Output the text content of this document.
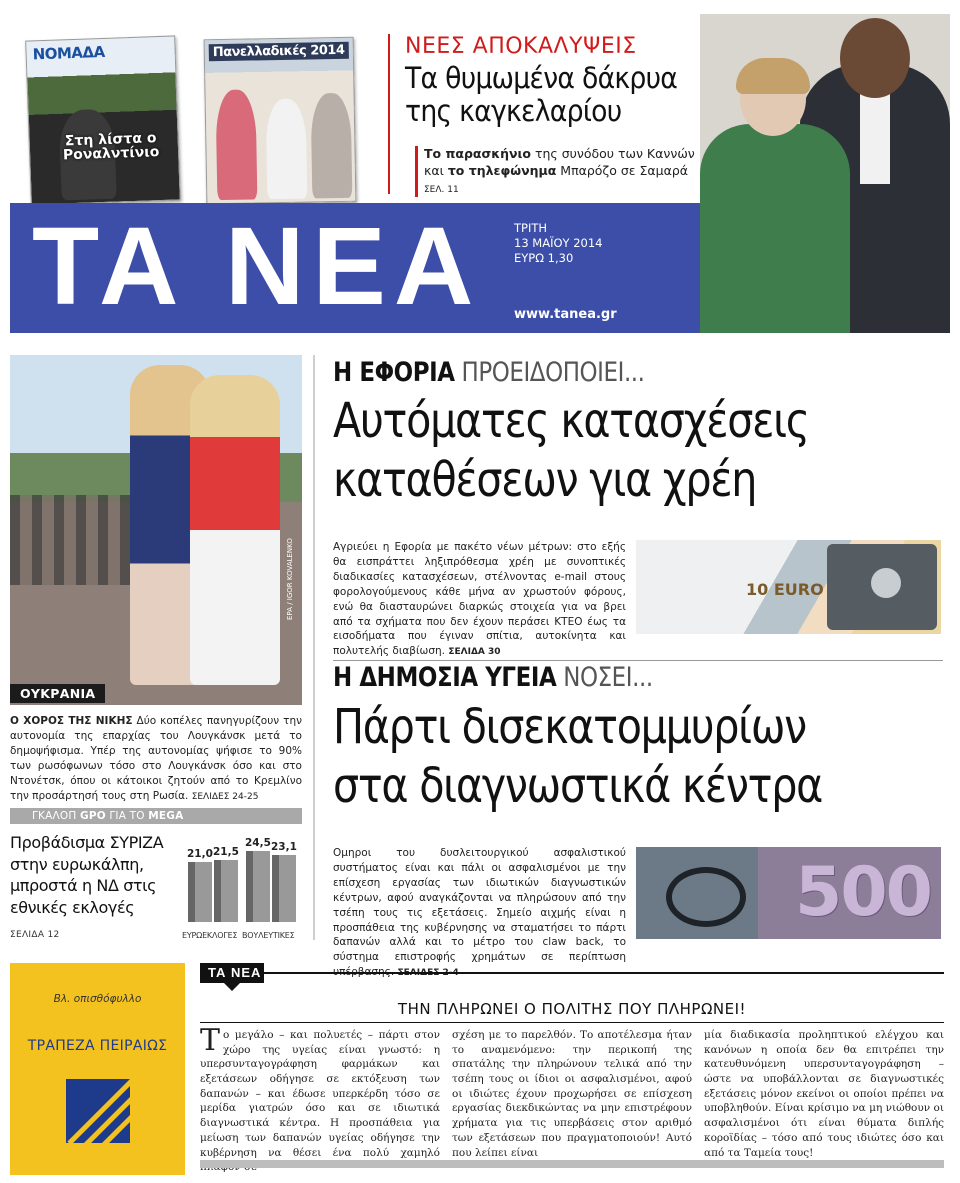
ΝΟΜΑΔΑ
Στη λίστα ο Ροναλντίνιο
Πανελλαδικές 2014	ΝΕΕΣ ΑΠΟΚΑΛΥΨΕΙΣ
Τα θυμωμένα δάκρυα της καγκελαρίου
Το παρασκήνιο της συνόδου των Καννών και το τηλεφώνημα Μπαρόζο σε Σαμαρά ΣΕΛ. 11
ΤΑ ΝΕΑ	ΤΡΙΤΗ
13 ΜΑΪΟΥ 2014
ΕΥΡΩ 1,30
www.tanea.gr
EPA / IGOR KOVALENKO
ΟΥΚΡΑΝΙΑ
Ο ΧΟΡΟΣ ΤΗΣ ΝΙΚΗΣ Δύο κοπέλες πανηγυρίζουν την αυτονομία της επαρχίας του Λουγκάνσκ μετά το δημοψήφισμα. Υπέρ της αυτονομίας ψήφισε το 90% των ρωσόφωνων τόσο στο Λουγκάνσκ όσο και στο Ντονέτσκ, όπου οι κάτοικοι ζητούν από το Κρεμλίνο την προσάρτησή τους στη Ρωσία. ΣΕΛΙΔΕΣ 24-25
ΓΚΑΛΟΠ GPO ΓΙΑ ΤΟ MEGA
Προβάδισμα ΣΥΡΙΖΑ στην ευρωκάλπη, μπροστά η ΝΔ στις εθνικές εκλογές
ΣΕΛΙΔΑ 12
21,0 21,5
24,5 23,1
ΕΥΡΩΕΚΛΟΓΕΣ ΒΟΥΛΕΥΤΙΚΕΣ
Η ΕΦΟΡΙΑ ΠΡΟΕΙΔΟΠΟΙΕΙ...
Αυτόματες κατασχέσεις
καταθέσεων για χρέη
Αγριεύει η Εφορία με πακέτο νέων μέτρων: στο εξής θα εισπράττει ληξιπρόθεσμα χρέη με συνοπτικές διαδικασίες κατασχέσεων, στέλνοντας e-mail στους φορολογούμενους κάθε μήνα αν χρωστούν φόρους, ενώ θα διασταυρώνει διαρκώς στοιχεία για να βρει από τα σχήματα που δεν έχουν περάσει ΚΤΕΟ έως τα εισοδήματα που έγιναν σπίτια, αυτοκίνητα και πολυτελής διαβίωση. ΣΕΛΙΔΑ 30
10 EURO
Η ΔΗΜΟΣΙΑ ΥΓΕΙΑ ΝΟΣΕΙ...
Πάρτι δισεκατομμυρίων
στα διαγνωστικά κέντρα
Ομηροι του δυσλειτουργικού ασφαλιστικού συστήματος είναι και πάλι οι ασφαλισμένοι με την επίσχεση εργασίας των ιδιωτικών διαγνωστικών κέντρων, αφού αναγκάζονται να πληρώσουν από την τσέπη τους τις εξετάσεις. Σημείο αιχμής είναι η προσπάθεια της κυβέρνησης να σταματήσει το πάρτι δαπανών αλλά και το μέτρο του claw back, το σύστημα επιστροφής χρημάτων σε περίπτωση
500
Βλ. οπισθόφυλλο
ΤΡΑΠΕΖΑ ΠΕΙΡΑΙΩΣ
ΤΑ ΝΕΑ
ΤΗΝ ΠΛΗΡΩΝΕΙ Ο ΠΟΛΙΤΗΣ ΠΟΥ ΠΛΗΡΩΝΕΙ!
Το μεγάλο – και πολυετές – πάρτι στον χώρο της υγείας είναι γνωστό: η υπερσυνταγογράφηση φαρμάκων και εξετάσεων οδήγησε σε εκτόξευση των δαπανών – και έδωσε υπερκέρδη τόσο σε μερίδα γιατρών όσο και σε ιδιωτικά διαγνωστικά κέντρα. Η προσπάθεια για μείωση των δαπανών υγείας οδήγησε την κυβέρνηση να θέσει ένα πολύ χαμηλό
σχέση με το παρελθόν. Το αποτέλεσμα ήταν το αναμενόμενο: την περικοπή της σπατάλης την πληρώνουν τελικά από την τσέπη τους οι ίδιοι οι ασφαλισμένοι, αφού οι ιδιώτες έχουν προχωρήσει σε επίσχεση εργασίας διεκδικώντας να μην επιστρέφουν χρήματα για τις υπερβάσεις στον αριθμό των εξετάσεων που πραγματοποιούν! Αυτό που λείπει είναι
μία διαδικασία προληπτικού ελέγχου και κανόνων η οποία δεν θα επιτρέπει την κατευθυνόμενη υπερσυνταγογράφηση – ώστε να υποβάλλονται σε διαγνωστικές εξετάσεις μόνον εκείνοι οι οποίοι πρέπει να υποβληθούν. Είναι κρίσιμο να μη νιώθουν οι ασφαλισμένοι ότι είναι θύματα διπλής κοροϊδίας – τόσο από τους ιδιώτες όσο και από τα Ταμεία τους!
